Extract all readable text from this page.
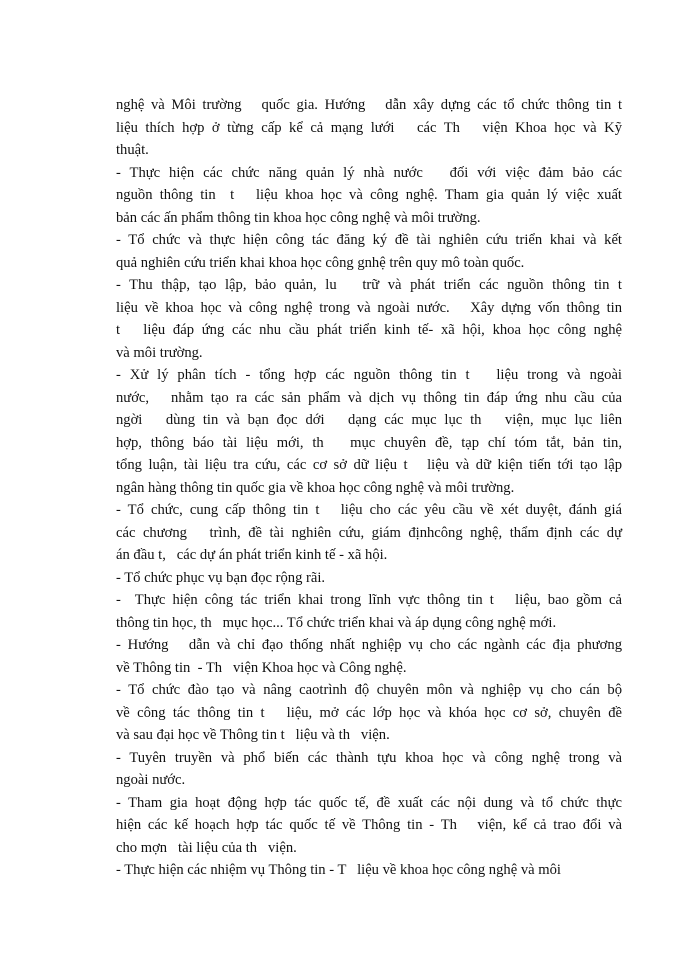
nghệ và Môi trường   quốc gia. Hướng   dẫn xây dựng các tổ chức thông tin t
liệu thích hợp ở từng cấp kể cả mạng lưới   các Th   viện Khoa học và Kỹ
thuật.
- Thực hiện các chức năng quản lý nhà nước   đối với việc đảm bảo các
nguồn thông tin  t   liệu khoa học và công nghệ. Tham gia quản lý việc xuất
bản các ấn phẩm thông tin khoa học công nghệ và môi trường.
- Tổ chức và thực hiện công tác đăng ký đề tài nghiên cứu triển khai và kết
quả nghiên cứu triển khai khoa học công gnhệ trên quy mô toàn quốc.
- Thu thập, tạo lập, bảo quản, lu   trữ và phát triển các nguồn thông tin t
liệu về khoa học và công nghệ trong và ngoài nước.   Xây dựng vốn thông tin
t   liệu đáp ứng các nhu cầu phát triển kinh tế- xã hội, khoa học công nghệ
và môi trường.
- Xử lý phân tích - tổng hợp các nguồn thông tin t   liệu trong và ngoài
nước,   nhằm tạo ra các sản phẩm và dịch vụ thông tin đáp ứng nhu cầu của
ngời   dùng tin và bạn đọc dới   dạng các mục lục th   viện, mục lục liên
hợp, thông báo tài liệu mới, th   mục chuyên đề, tạp chí tóm tắt, bản tin,
tổng luận, tài liệu tra cứu, các cơ sở dữ liệu t   liệu và dữ kiện tiến tới tạo lập
ngân hàng thông tin quốc gia về khoa học công nghệ và môi trường.
- Tổ chức, cung cấp thông tin t   liệu cho các yêu cầu về xét duyệt, đánh giá
các chương   trình, đề tài nghiên cứu, giám địnhcông nghệ, thẩm định các dự
án đầu t,   các dự án phát triển kinh tế - xã hội.
- Tổ chức phục vụ bạn đọc rộng rãi.
-  Thực hiện công tác triển khai trong lĩnh vực thông tin t   liệu, bao gồm cả
thông tin học, th   mục học... Tổ chức triển khai và áp dụng công nghệ mới.
- Hướng   dẫn và chỉ đạo thống nhất nghiệp vụ cho các ngành các địa phương
về Thông tin  - Th   viện Khoa học và Công nghệ.
- Tổ chức đào tạo và nâng caotrình độ chuyên môn và nghiệp vụ cho cán bộ
về công tác thông tin t   liệu, mở các lớp học và khóa học cơ sở, chuyên đề
và sau đại học về Thông tin t   liệu và th   viện.
- Tuyên truyền và phổ biến các thành tựu khoa học và công nghệ trong và
ngoài nước.
- Tham gia hoạt động hợp tác quốc tế, đề xuất các nội dung và tổ chức thực
hiện các kế hoạch hợp tác quốc tế về Thông tin - Th   viện, kể cả trao đổi và
cho mợn   tài liệu của th   viện.
- Thực hiện các nhiệm vụ Thông tin - T   liệu về khoa học công nghệ và môi
